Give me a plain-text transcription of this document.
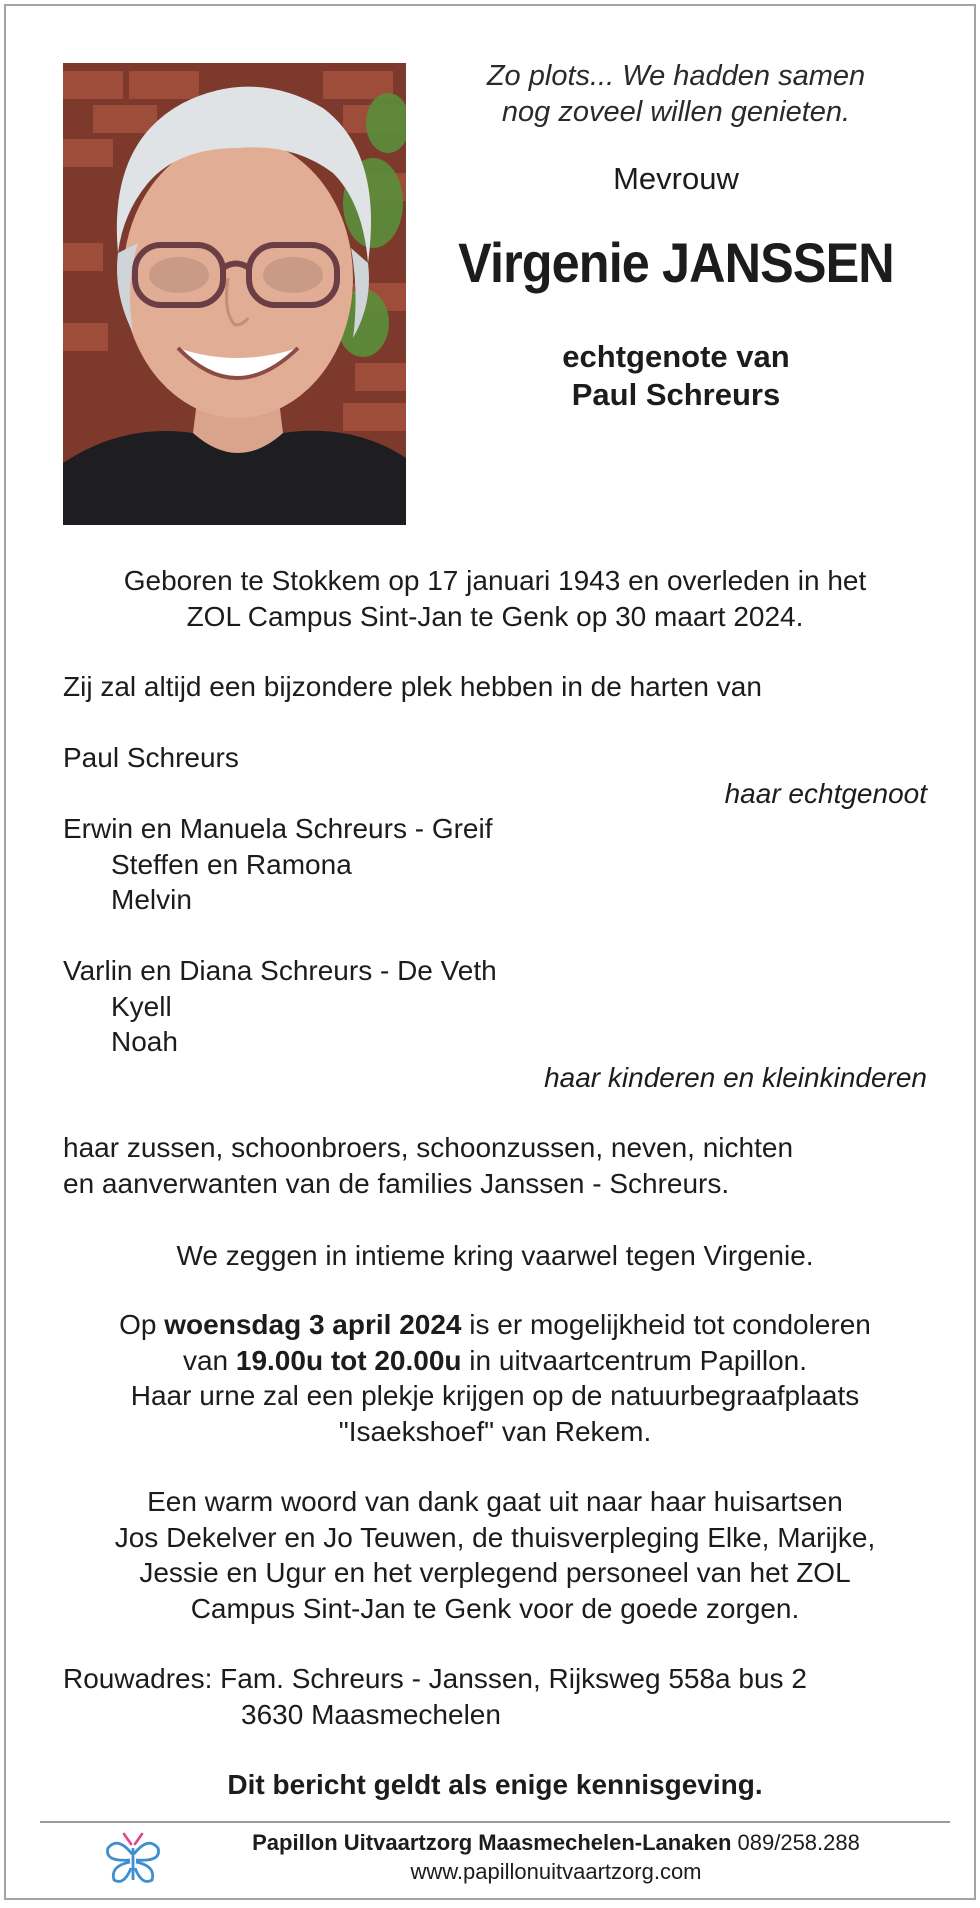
Zo plots... We hadden samen
nog zoveel willen genieten.
Mevrouw
Virgenie JANSSEN
echtgenote van
Paul Schreurs
Geboren te Stokkem op 17 januari 1943 en overleden in het
ZOL Campus Sint-Jan te Genk op 30 maart 2024.
Zij zal altijd een bijzondere plek hebben in de harten van
Paul Schreurs
haar echtgenoot
Erwin en Manuela Schreurs - Greif
Steffen en Ramona
Melvin
Varlin en Diana Schreurs - De Veth
Kyell
Noah
haar kinderen en kleinkinderen
haar zussen, schoonbroers, schoonzussen, neven, nichten
en aanverwanten van de families Janssen - Schreurs.
We zeggen in intieme kring vaarwel tegen Virgenie.
Op woensdag 3 april 2024 is er mogelijkheid tot condoleren
van 19.00u tot 20.00u in uitvaartcentrum Papillon.
Haar urne zal een plekje krijgen op de natuurbegraafplaats
"Isaekshoef" van Rekem.
Een warm woord van dank gaat uit naar haar huisartsen
Jos Dekelver en Jo Teuwen, de thuisverpleging Elke, Marijke,
Jessie en Ugur en het verplegend personeel van het ZOL
Campus Sint-Jan te Genk voor de goede zorgen.
Rouwadres: Fam. Schreurs - Janssen, Rijksweg 558a bus 2
3630 Maasmechelen
Dit bericht geldt als enige kennisgeving.
Papillon Uitvaartzorg Maasmechelen-Lanaken 089/258.288
www.papillonuitvaartzorg.com
